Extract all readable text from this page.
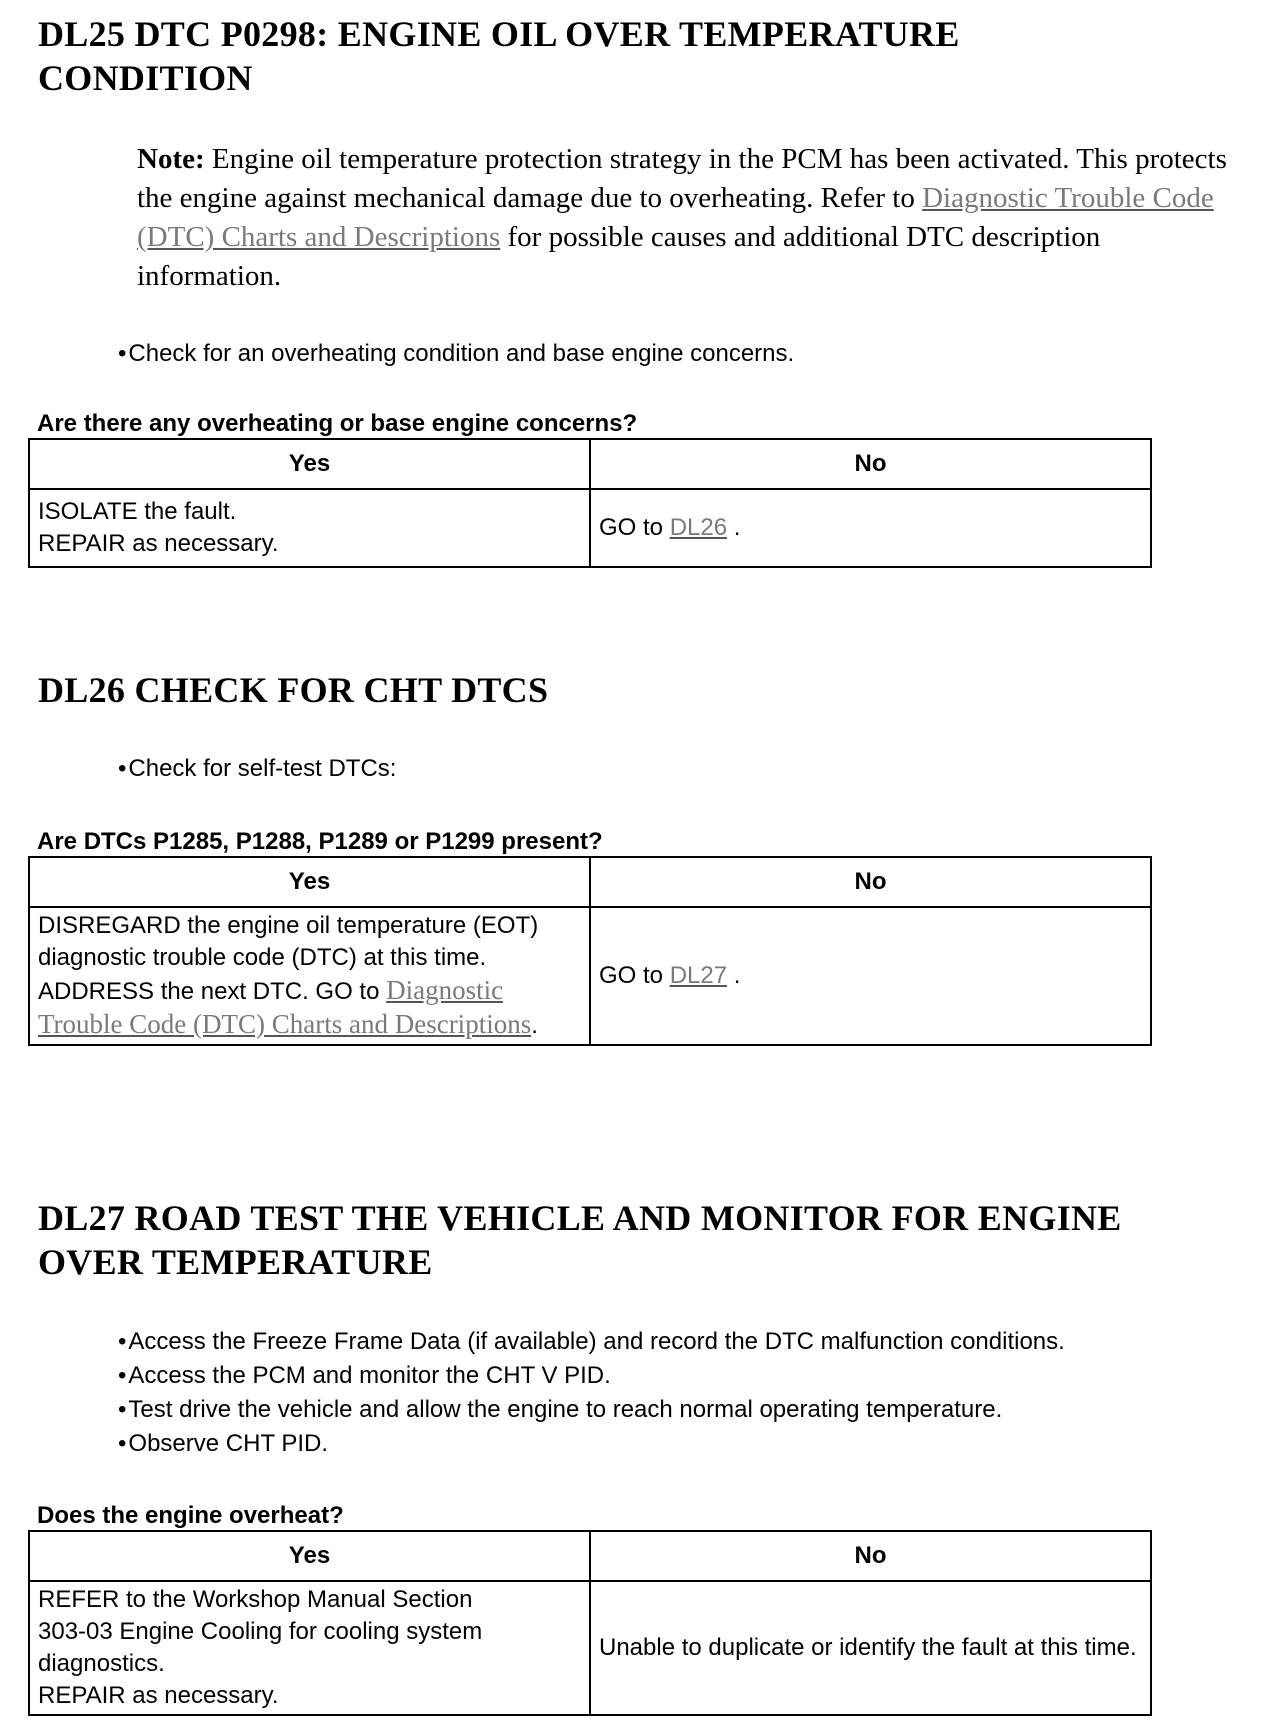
DL25 DTC P0298: ENGINE OIL OVER TEMPERATURE
CONDITION
Note: Engine oil temperature protection strategy in the PCM has been activated. This protects the engine against mechanical damage due to overheating. Refer to Diagnostic Trouble Code (DTC) Charts and Descriptions for possible causes and additional DTC description information.
• Check for an overheating condition and base engine concerns.
Are there any overheating or base engine concerns?
Yes	No

ISOLATE the fault.
REPAIR as necessary.	GO to DL26 .
DL26 CHECK FOR CHT DTCS
• Check for self-test DTCs:
Are DTCs P1285, P1288, P1289 or P1299 present?
Yes	No
DISREGARD the engine oil temperature (EOT) diagnostic trouble code (DTC) at this time. ADDRESS the next DTC. GO to Diagnostic Trouble Code (DTC) Charts and Descriptions.	GO to DL27 .
DL27 ROAD TEST THE VEHICLE AND MONITOR FOR ENGINE
OVER TEMPERATURE
• Access the Freeze Frame Data (if available) and record the DTC malfunction conditions.
• Access the PCM and monitor the CHT V PID.
• Test drive the vehicle and allow the engine to reach normal operating temperature.
• Observe CHT PID.
Does the engine overheat?
Yes	No

REFER to the Workshop Manual Section
303-03 Engine Cooling for cooling system
diagnostics.
REPAIR as necessary.	Unable to duplicate or identify the fault at this time.
